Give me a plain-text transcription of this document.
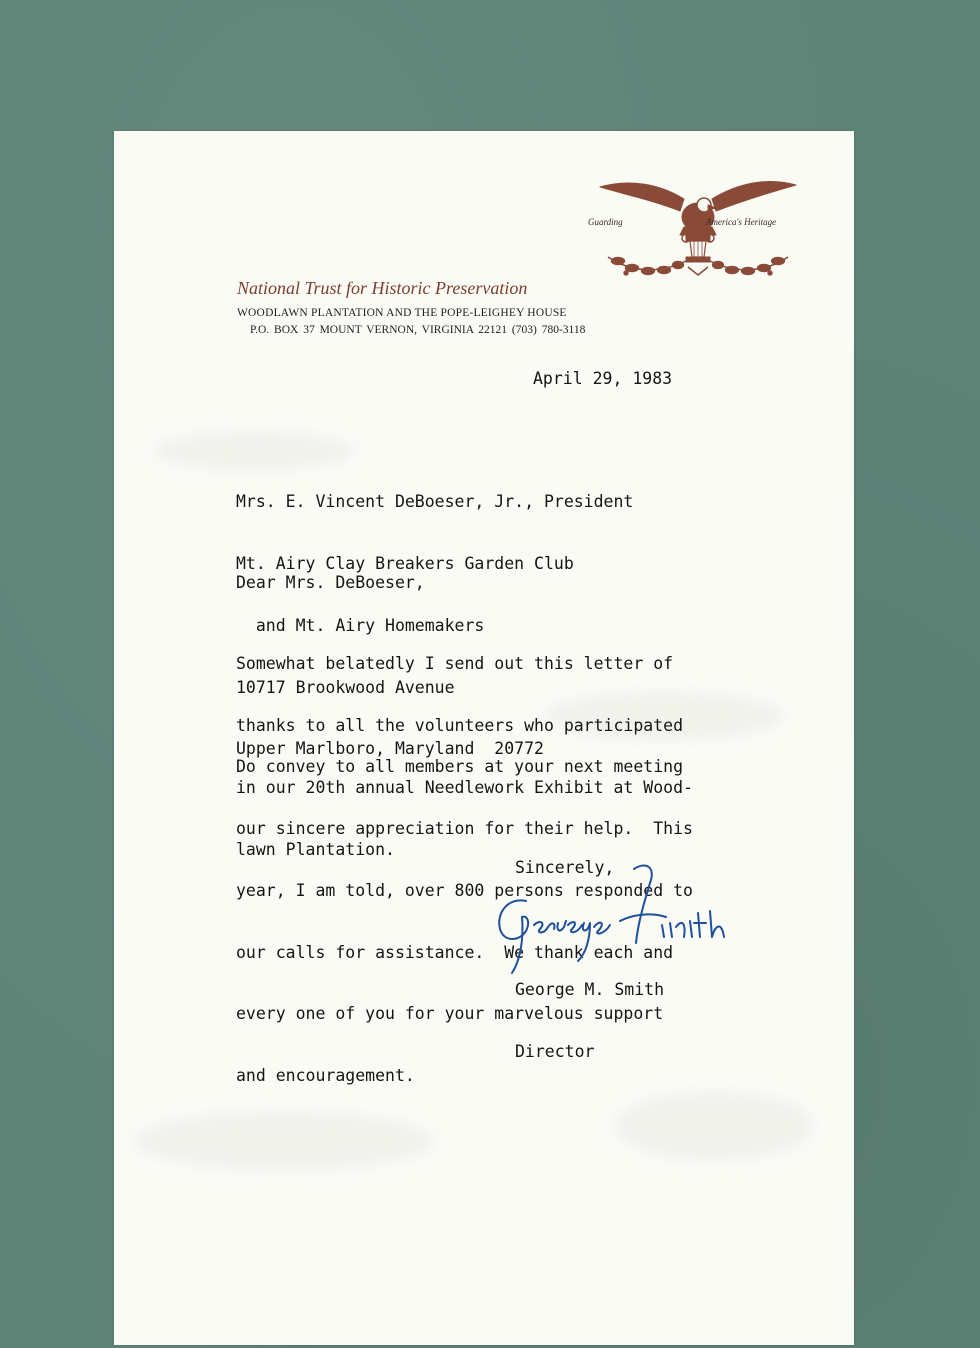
Guarding	America's Heritage
National Trust for Historic Preservation
WOODLAWN PLANTATION AND THE POPE-LEIGHEY HOUSE
P.O. BOX 37 MOUNT VERNON, VIRGINIA 22121 (703) 780-3118
April 29, 1983

Mrs. E. Vincent DeBoeser, Jr., President

Mt. Airy Clay Breakers Garden Club

and Mt. Airy Homemakers

10717 Brookwood Avenue

Upper Marlboro, Maryland  20772

Dear Mrs. DeBoeser,

Somewhat belatedly I send out this letter of

thanks to all the volunteers who participated

in our 20th annual Needlework Exhibit at Wood-

lawn Plantation.

Do convey to all members at your next meeting

our sincere appreciation for their help.  This

year, I am told, over 800 persons responded to

our calls for assistance.  We thank each and

every one of you for your marvelous support

and encouragement.

Sincerely,

George M. Smith

Director
